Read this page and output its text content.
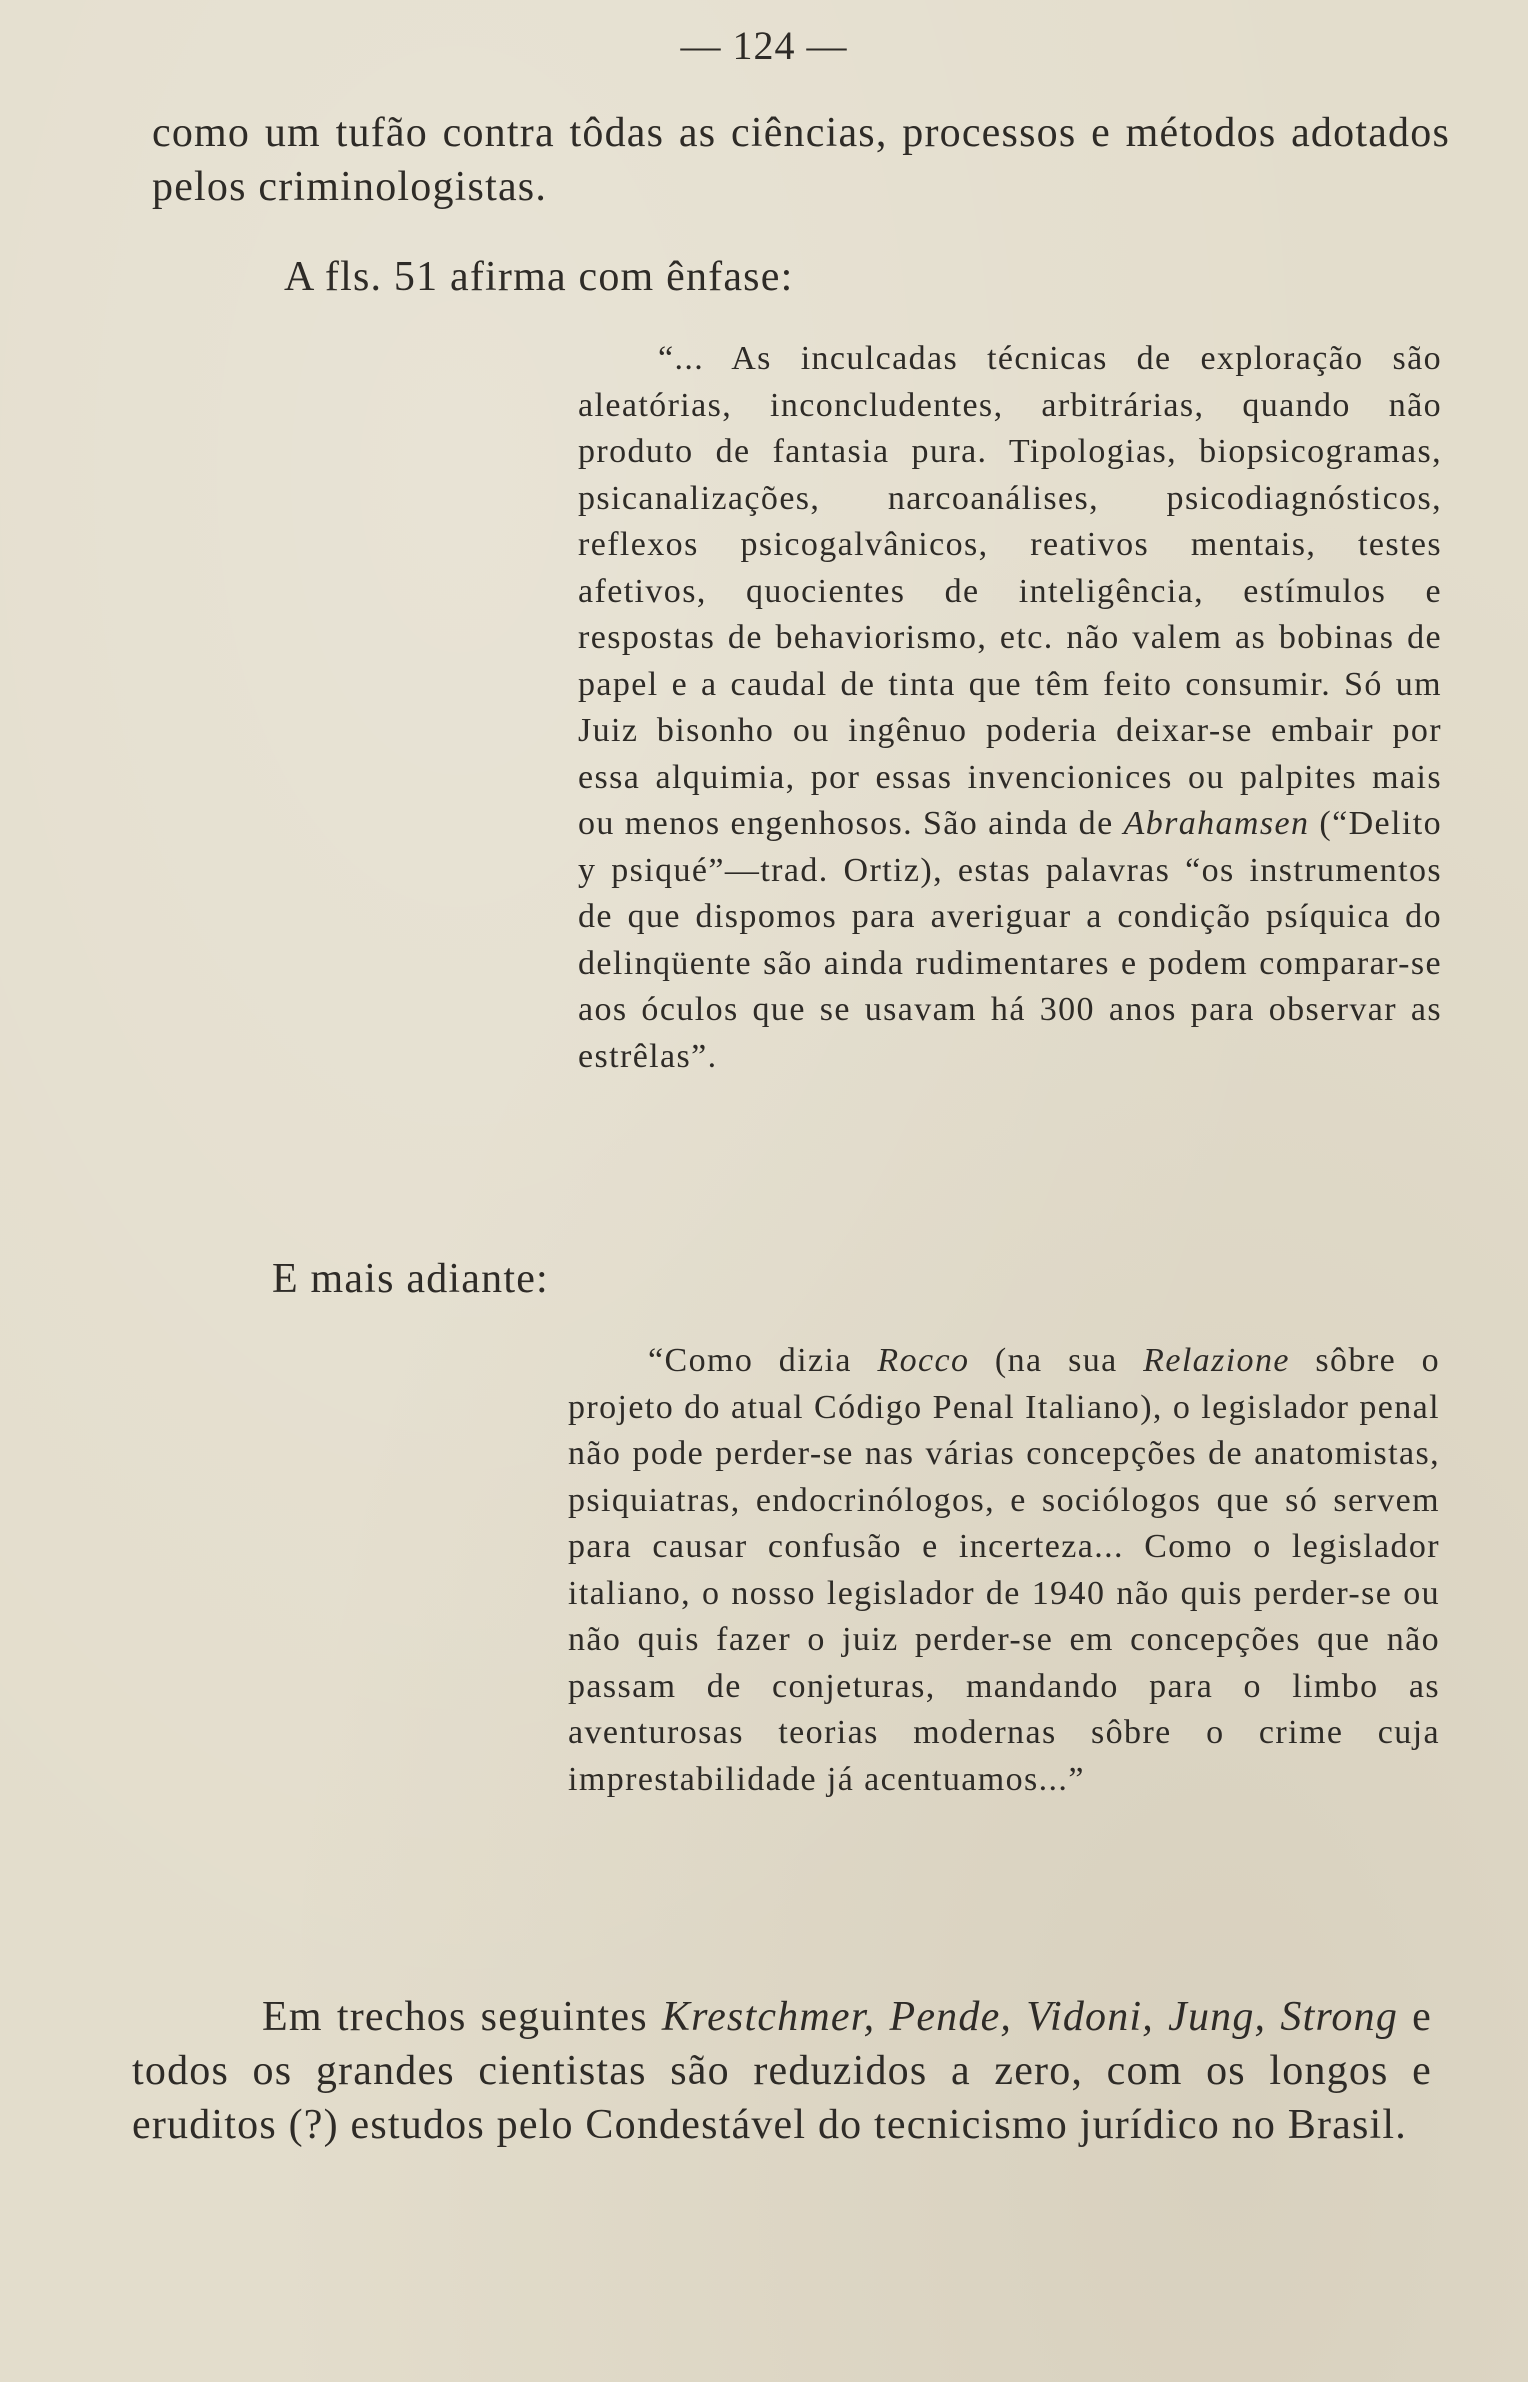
— 124 —

como um tufão contra tôdas as ciências, processos e métodos adotados pelos criminologistas.

A fls. 51 afirma com ênfase:

“... As inculcadas técnicas de exploração são aleatórias, inconcludentes, arbitrárias, quando não produto de fantasia pura. Tipologias, biopsicogramas, psicanalizações, narcoanálises, psicodiagnósticos, reflexos psicogalvânicos, reativos mentais, testes afetivos, quocientes de inteligência, estímulos e respostas de behaviorismo, etc. não valem as bobinas de papel e a caudal de tinta que têm feito consumir. Só um Juiz bisonho ou ingênuo poderia deixar-se embair por essa alquimia, por essas invencionices ou palpites mais ou menos engenhosos. São ainda de Abrahamsen (“Delito y psiqué”—trad. Ortiz), estas palavras “os instrumentos de que dispomos para averiguar a condição psíquica do delinqüente são ainda rudimentares e podem comparar-se aos óculos que se usavam há 300 anos para observar as estrêlas”.

E mais adiante:

“Como dizia Rocco (na sua Relazione sôbre o projeto do atual Código Penal Italiano), o legislador penal não pode perder-se nas várias concepções de anatomistas, psiquiatras, endocrinólogos, e sociólogos que só servem para causar confusão e incerteza... Como o legislador italiano, o nosso legislador de 1940 não quis perder-se ou não quis fazer o juiz perder-se em concepções que não passam de conjeturas, mandando para o limbo as aventurosas teorias modernas sôbre o crime cuja imprestabilidade já acentuamos...”

Em trechos seguintes Krestchmer, Pende, Vidoni, Jung, Strong e todos os grandes cientistas são reduzidos a zero, com os longos e eruditos (?) estudos pelo Condestável do tecnicismo jurídico no Brasil.
